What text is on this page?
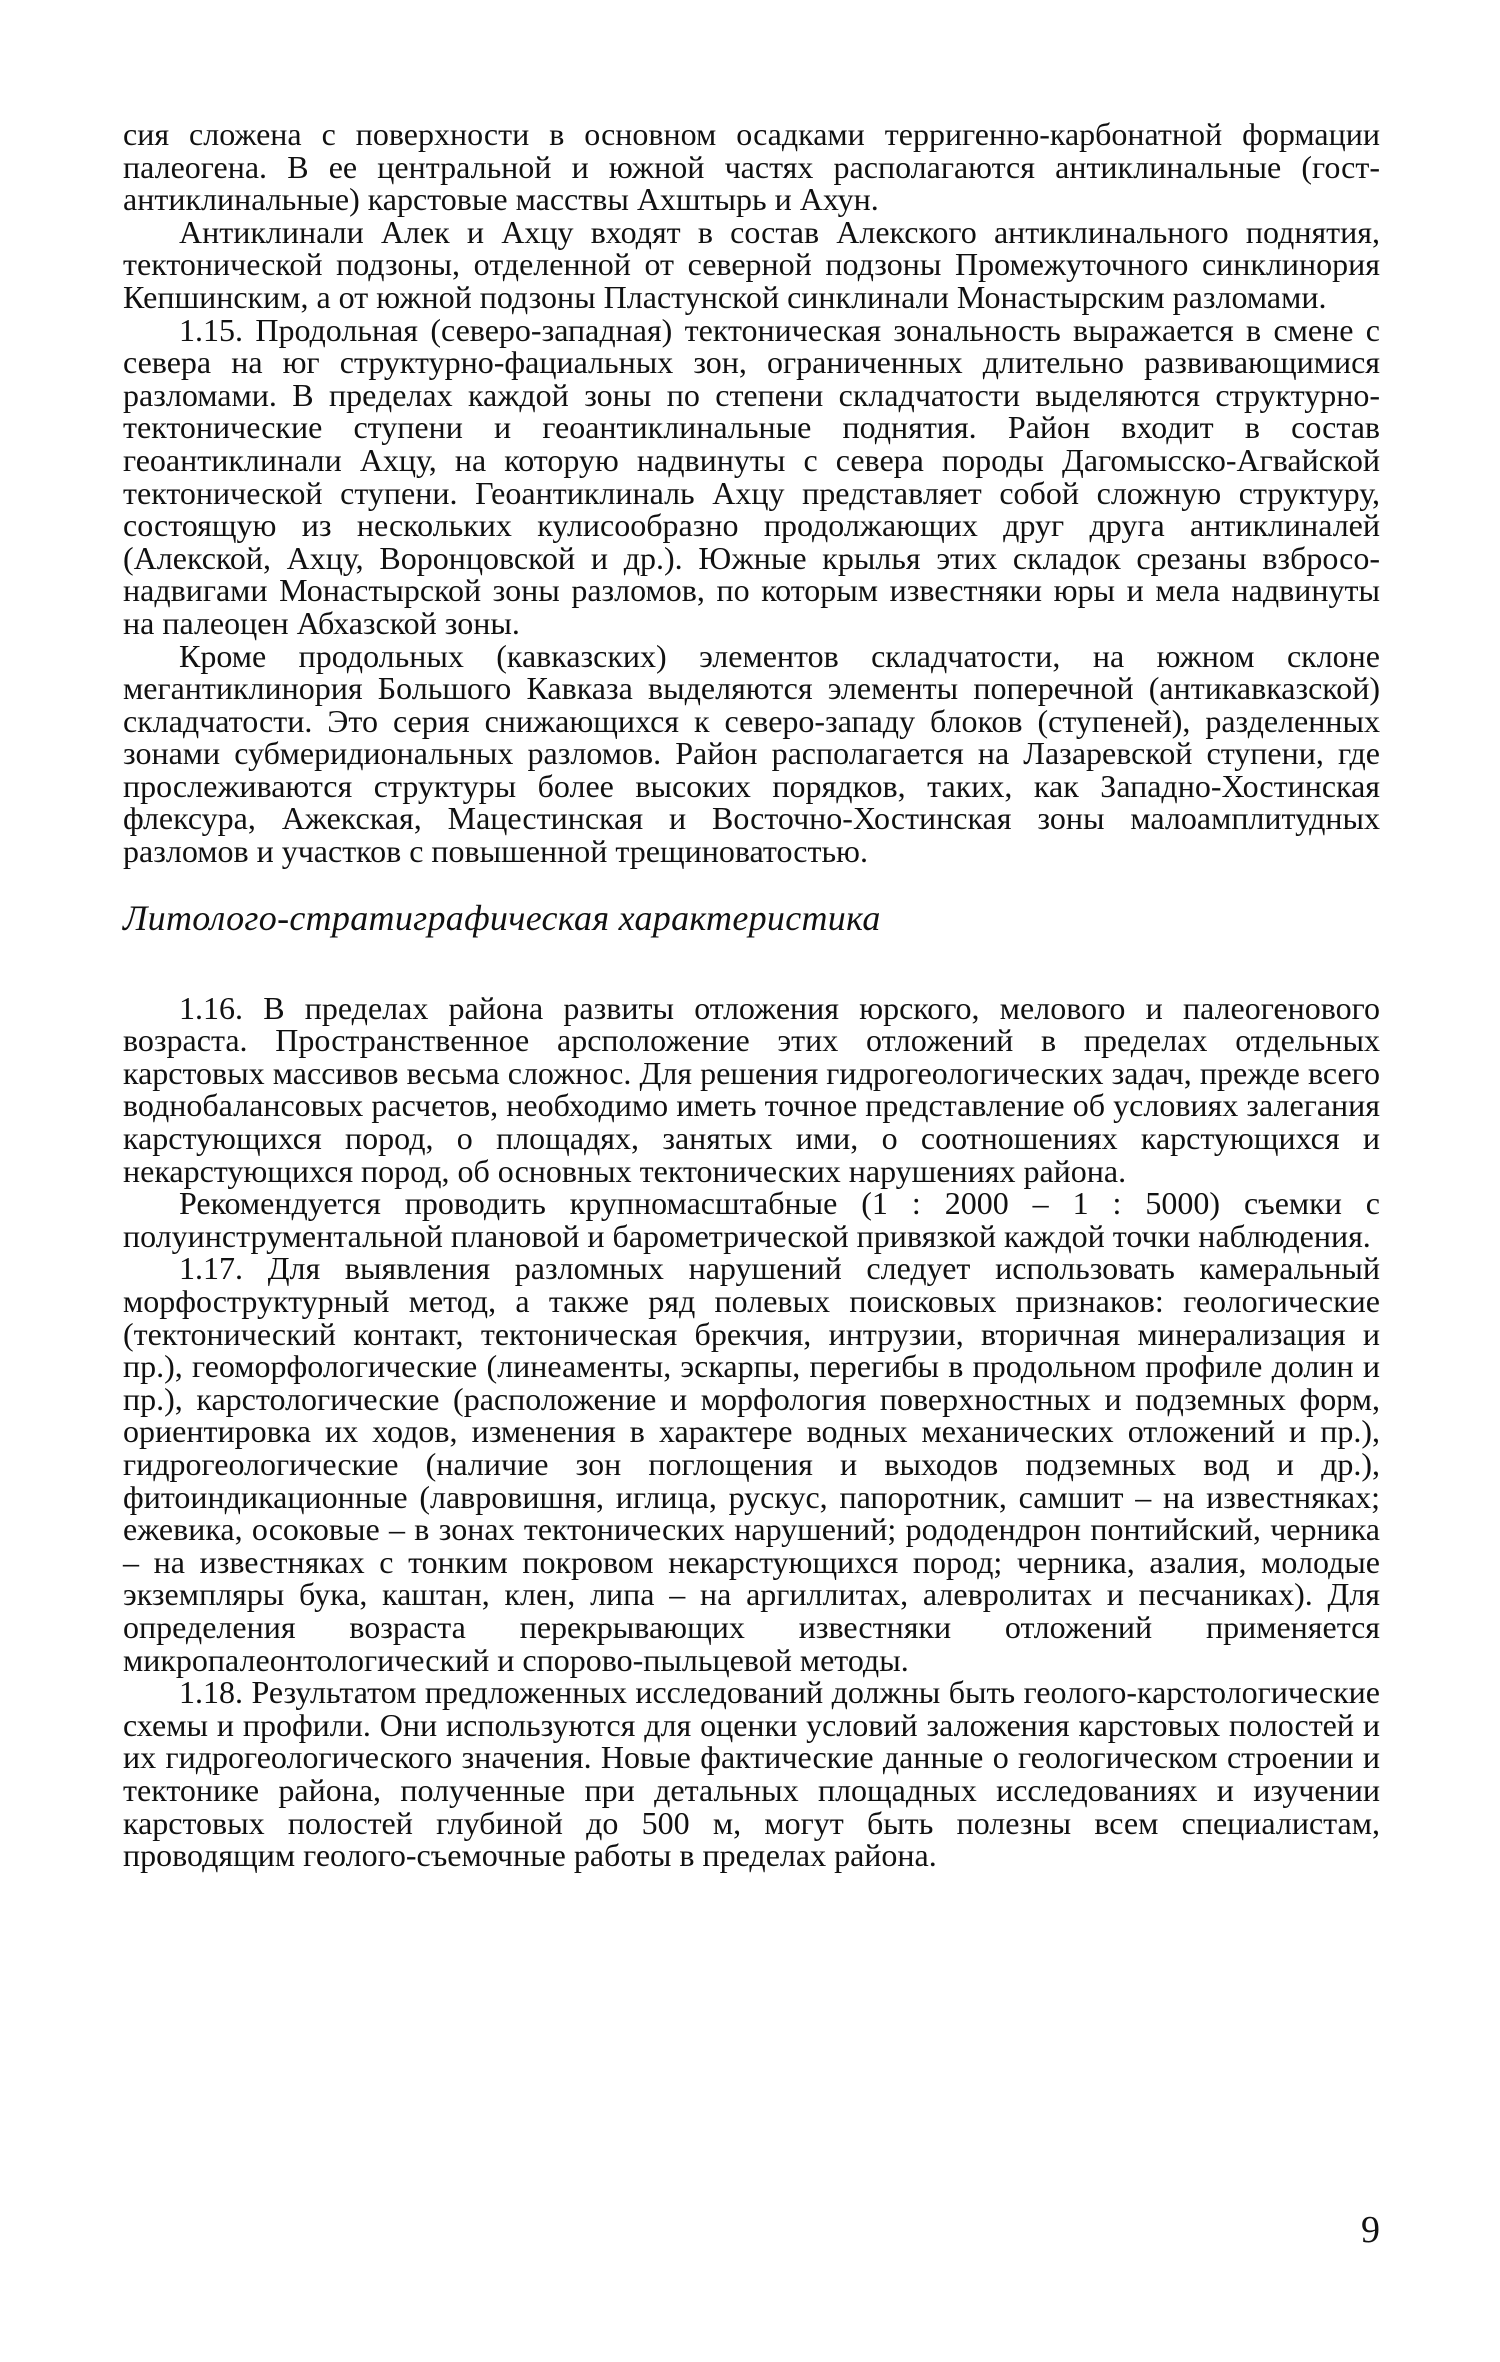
сия сложена с поверхности в основном осадками терригенно-карбонатной формации палеогена. В ее центральной и южной частях располагаются антиклинальные (гост-антиклинальные) карстовые масствы Ахштырь и Ахун.

Антиклинали Алек и Ахцу входят в состав Алекского антиклинального поднятия, тектонической подзоны, отделенной от северной подзоны Промежуточного синклинория Кепшинским, а от южной подзоны Пластунской синклинали Монастырским разломами.

1.15. Продольная (северо-западная) тектоническая зональность выражается в смене с севера на юг структурно-фациальных зон, ограниченных длительно развивающимися разломами. В пределах каждой зоны по степени складчатости выделяются структурно-тектонические ступени и геоантиклинальные поднятия. Район входит в состав геоантиклинали Ахцу, на которую надвинуты с севера породы Дагомысско-Агвайской тектонической ступени. Геоантиклиналь Ахцу представляет собой сложную структуру, состоящую из нескольких кулисообразно продолжающих друг друга антиклиналей (Алекской, Ахцу, Воронцовской и др.). Южные крылья этих складок срезаны взбросо-надвигами Монастырской зоны разломов, по которым известняки юры и мела надвинуты на палеоцен Абхазской зоны.

Кроме продольных (кавказских) элементов складчатости, на южном склоне мегантиклинория Большого Кавказа выделяются элементы поперечной (антикавказской) складчатости. Это серия снижающихся к северо-западу блоков (ступеней), разделенных зонами субмеридиональных разломов. Район располагается на Лазаревской ступени, где прослеживаются структуры более высоких порядков, таких, как Западно-Хостинская флексура, Ажекская, Мацестинская и Восточно-Хостинская зоны малоамплитудных разломов и участков с повышенной трещиноватостью.

Литолого-стратиграфическая характеристика

1.16. В пределах района развиты отложения юрского, мелового и палеогенового возраста. Пространственное арсположение этих отложений в пределах отдельных карстовых массивов весьма сложнос. Для решения гидрогеологических задач, прежде всего воднобалансовых расчетов, необходимо иметь точное представление об условиях залегания карстующихся пород, о площадях, занятых ими, о соотношениях карстующихся и некарстующихся пород, об основных тектонических нарушениях района.

Рекомендуется проводить крупномасштабные (1 : 2000 – 1 : 5000) съемки с полуинструментальной плановой и барометрической привязкой каждой точки наблюдения.

1.17. Для выявления разломных нарушений следует использовать камеральный морфоструктурный метод, а также ряд полевых поисковых признаков: геологические (тектонический контакт, тектоническая брекчия, интрузии, вторичная минерализация и пр.), геоморфологические (линеаменты, эскарпы, перегибы в продольном профиле долин и пр.), карстологические (расположение и морфология поверхностных и подземных форм, ориентировка их ходов, изменения в характере водных механических отложений и пр.), гидрогеологические (наличие зон поглощения и выходов подземных вод и др.), фитоиндикационные (лавровишня, иглица, рускус, папоротник, самшит – на известняках; ежевика, осоковые – в зонах тектонических нарушений; рододендрон понтийский, черника – на известняках с тонким покровом некарстующихся пород; черника, азалия, молодые экземпляры бука, каштан, клен, липа – на аргиллитах, алевролитах и песчаниках). Для определения возраста перекрывающих известняки отложений применяется микропалеонтологический и спорово-пыльцевой методы.

1.18. Результатом предложенных исследований должны быть геолого-карстологические схемы и профили. Они используются для оценки условий заложения карстовых полостей и их гидрогеологического значения. Новые фактические данные о геологическом строении и тектонике района, полученные при детальных площадных исследованиях и изучении карстовых полостей глубиной до 500 м, могут быть полезны всем специалистам, проводящим геолого-съемочные работы в пределах района.

9
